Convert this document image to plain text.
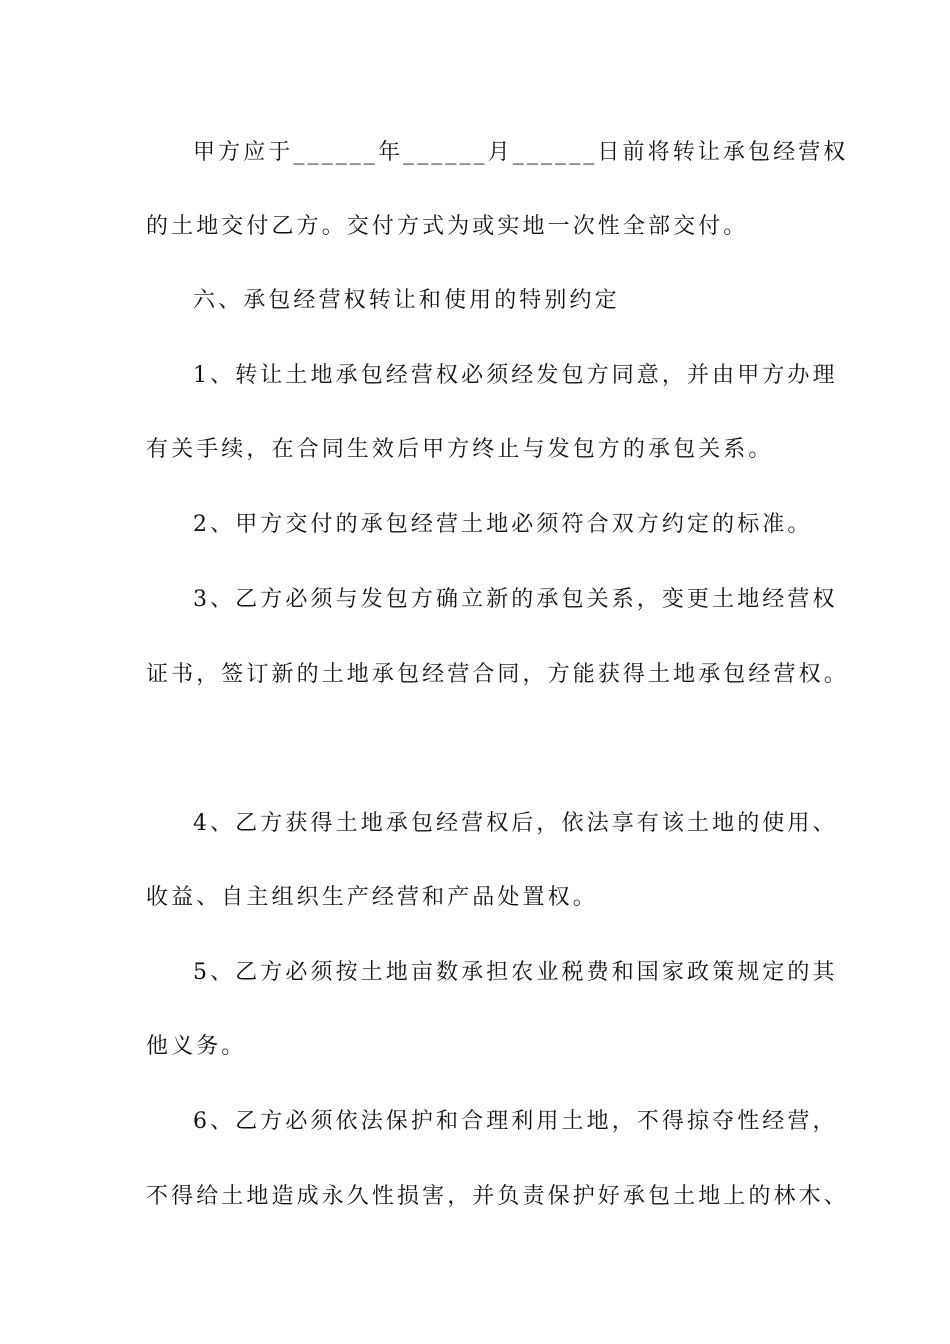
甲方应于______年______月______日前将转让承包经营权
的土地交付乙方。交付方式为或实地一次性全部交付。
六、承包经营权转让和使用的特别约定
1、转让土地承包经营权必须经发包方同意，并由甲方办理
有关手续，在合同生效后甲方终止与发包方的承包关系。
2、甲方交付的承包经营土地必须符合双方约定的标准。
3、乙方必须与发包方确立新的承包关系，变更土地经营权
证书，签订新的土地承包经营合同，方能获得土地承包经营权。
4、乙方获得土地承包经营权后，依法享有该土地的使用、
收益、自主组织生产经营和产品处置权。
5、乙方必须按土地亩数承担农业税费和国家政策规定的其
他义务。
6、乙方必须依法保护和合理利用土地，不得掠夺性经营，
不得给土地造成永久性损害，并负责保护好承包土地上的林木、
